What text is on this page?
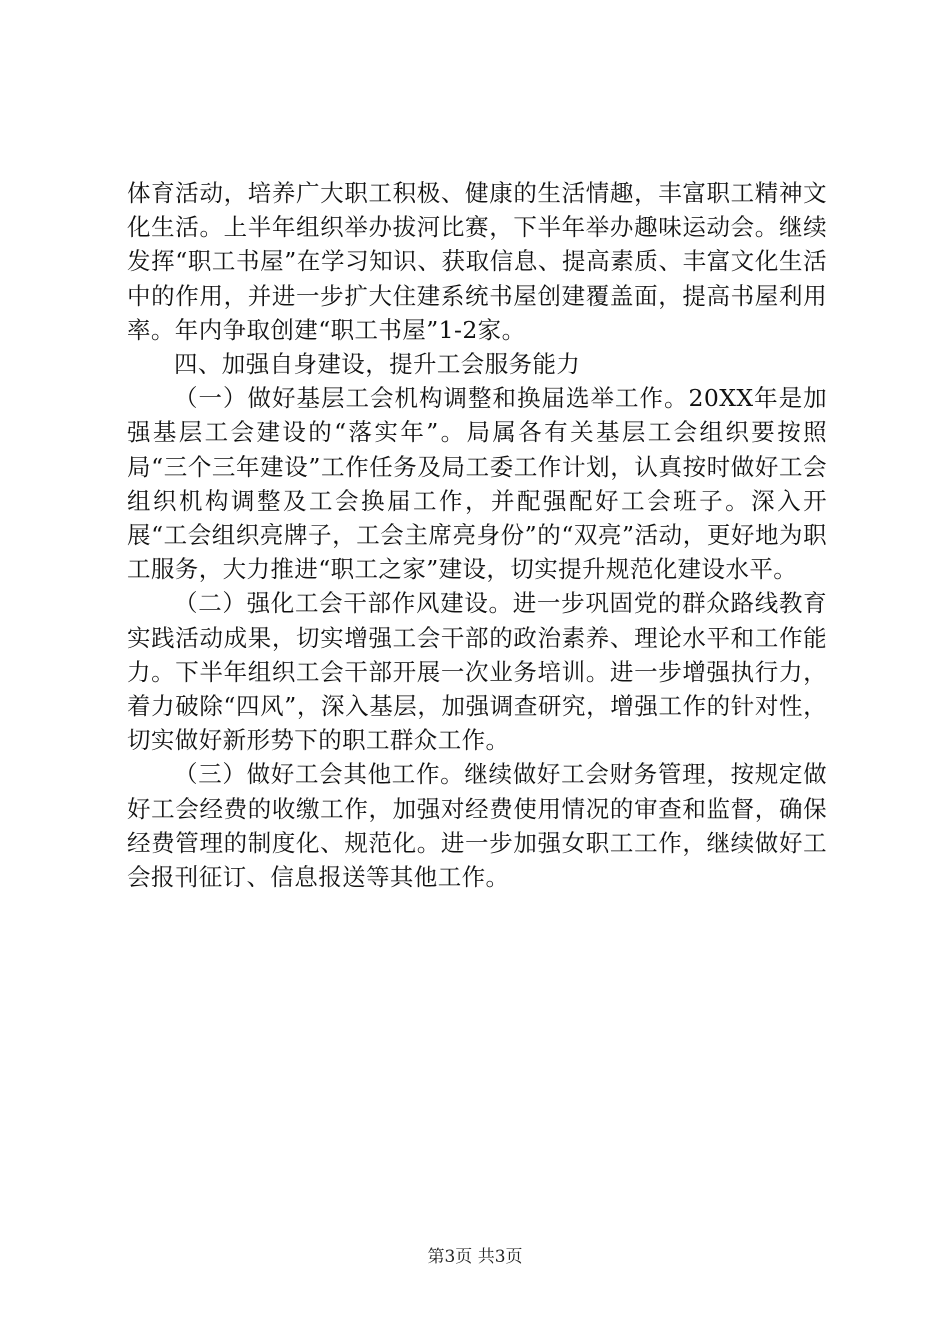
体育活动，培养广大职工积极、健康的生活情趣，丰富职工精神文化生活。上半年组织举办拔河比赛，下半年举办趣味运动会。继续发挥“职工书屋”在学习知识、获取信息、提高素质、丰富文化生活中的作用，并进一步扩大住建系统书屋创建覆盖面，提高书屋利用率。年内争取创建“职工书屋”1-2家。

四、加强自身建设，提升工会服务能力

（一）做好基层工会机构调整和换届选举工作。20XX年是加强基层工会建设的“落实年”。局属各有关基层工会组织要按照局“三个三年建设”工作任务及局工委工作计划，认真按时做好工会组织机构调整及工会换届工作，并配强配好工会班子。深入开展“工会组织亮牌子，工会主席亮身份”的“双亮”活动，更好地为职工服务，大力推进“职工之家”建设，切实提升规范化建设水平。

（二）强化工会干部作风建设。进一步巩固党的群众路线教育实践活动成果，切实增强工会干部的政治素养、理论水平和工作能力。下半年组织工会干部开展一次业务培训。进一步增强执行力，着力破除“四风”，深入基层，加强调查研究，增强工作的针对性，切实做好新形势下的职工群众工作。

（三）做好工会其他工作。继续做好工会财务管理，按规定做好工会经费的收缴工作，加强对经费使用情况的审查和监督，确保经费管理的制度化、规范化。进一步加强女职工工作，继续做好工会报刊征订、信息报送等其他工作。

第3页 共3页
